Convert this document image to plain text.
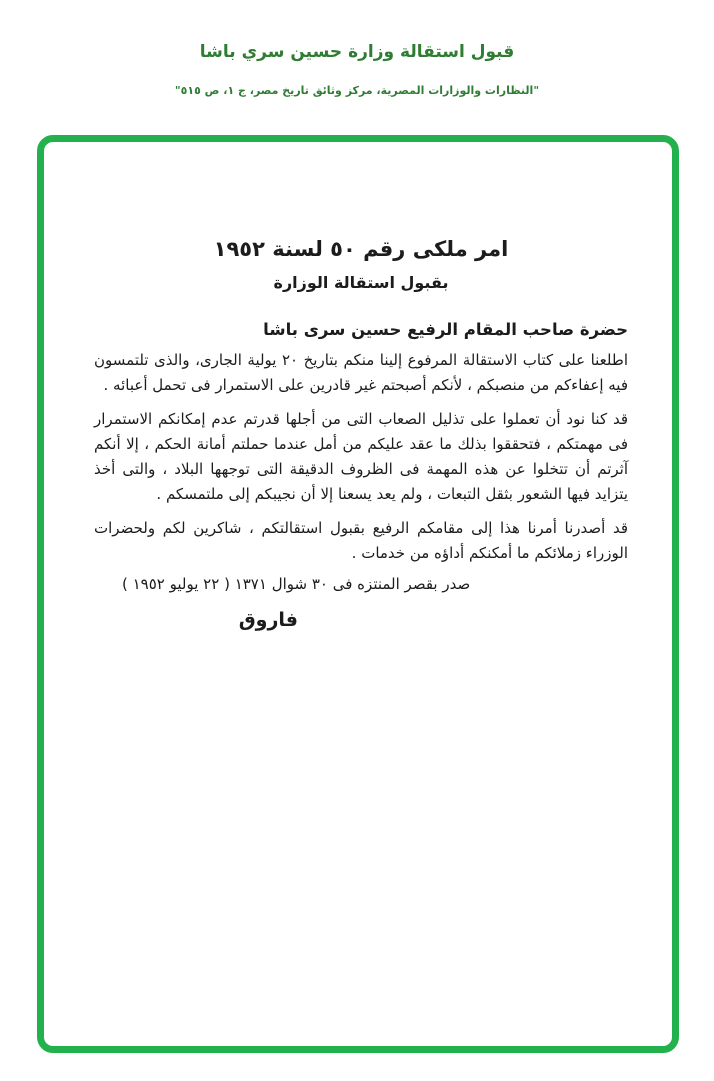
قبول استقالة وزارة حسين سري باشا
"النظارات والوزارات المصرية، مركز وثائق تاريخ مصر، ج ١، ص ٥١٥"
امر ملكى رقم ٥٠ لسنة ١٩٥٢
بقبول استقالة الوزارة
حضرة صاحب المقام الرفيع حسين سرى باشا

اطلعنا على كتاب الاستقالة المرفوع إلينا منكم بتاريخ ٢٠ يولية الجارى، والذى تلتمسون فيه إعفاءكم من منصبكم ، لأنكم أصبحتم غير قادرين على الاستمرار فى تحمل أعبائه .

قد كنا نود أن تعملوا على تذليل الصعاب التى من أجلها قدرتم عدم إمكانكم الاستمرار فى مهمتكم ، فتحققوا بذلك ما عقد عليكم من أمل عندما حملتم أمانة الحكم ، إلا أنكم آثرتم أن تتخلوا عن هذه المهمة فى الظروف الدقيقة التى توجهها البلاد ، والتى أخذ يتزايد فيها الشعور بثقل التبعات ، ولم يعد يسعنا إلا أن نجيبكم إلى ملتمسكم .

قد أصدرنا أمرنا هذا إلى مقامكم الرفيع بقبول استقالتكم ، شاكرين لكم ولحضرات الوزراء زملائكم ما أمكنكم أداؤه من خدمات .

صدر بقصر المنتزه فى ٣٠ شوال ١٣٧١ ( ٢٢ يوليو ١٩٥٢ )
فاروق
